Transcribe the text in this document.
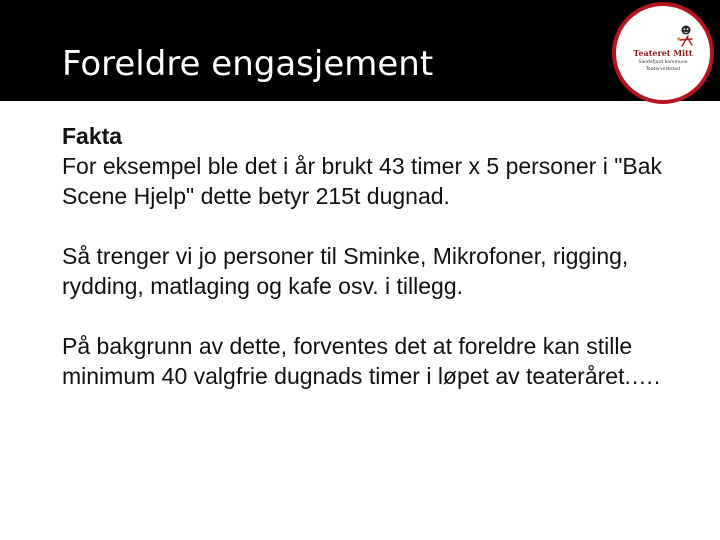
Foreldre engasjement	Teateret Mitt
Sandefjord kommune
Teaterverksted

Fakta

For eksempel ble det i år brukt 43 timer x 5 personer i "Bak Scene Hjelp" dette betyr 215t dugnad.

Så trenger vi jo personer til Sminke, Mikrofoner, rigging, rydding, matlaging og kafe osv. i tillegg.

På bakgrunn av dette, forventes det at foreldre kan stille minimum 40 valgfrie dugnads timer i løpet av teateråret.….
